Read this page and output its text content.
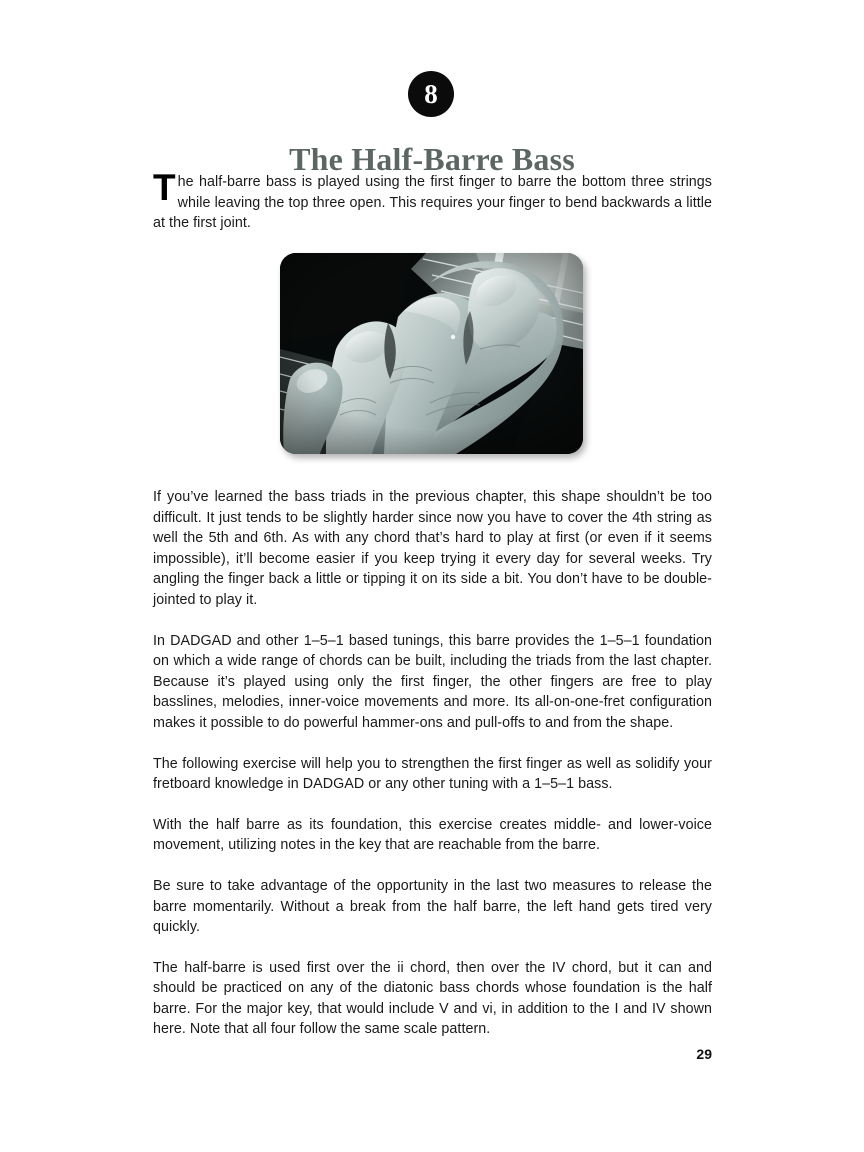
8
The Half-Barre Bass

The half-barre bass is played using the first finger to barre the bottom three strings while leaving the top three open. This requires your finger to bend backwards a little at the first joint.

If you’ve learned the bass triads in the previous chapter, this shape shouldn’t be too difficult. It just tends to be slightly harder since now you have to cover the 4th string as well the 5th and 6th. As with any chord that’s hard to play at first (or even if it seems impossible), it’ll become easier if you keep trying it every day for several weeks. Try angling the finger back a little or tipping it on its side a bit. You don’t have to be double-jointed to play it.

In DADGAD and other 1–5–1 based tunings, this barre provides the 1–5–1 foundation on which a wide range of chords can be built, including the triads from the last chapter. Because it’s played using only the first finger, the other fingers are free to play basslines, melodies, inner-voice movements and more. Its all-on-one-fret configuration makes it possible to do powerful hammer-ons and pull-offs to and from the shape.

The following exercise will help you to strengthen the first finger as well as solidify your fretboard knowledge in DADGAD or any other tuning with a 1–5–1 bass.

With the half barre as its foundation, this exercise creates middle- and lower-voice movement, utilizing notes in the key that are reachable from the barre.

Be sure to take advantage of the opportunity in the last two measures to release the barre momentarily. Without a break from the half barre, the left hand gets tired very quickly.

The half-barre is used first over the ii chord, then over the IV chord, but it can and should be practiced on any of the diatonic bass chords whose foundation is the half barre. For the major key, that would include V and vi, in addition to the I and IV shown here. Note that all four follow the same scale pattern.

29
